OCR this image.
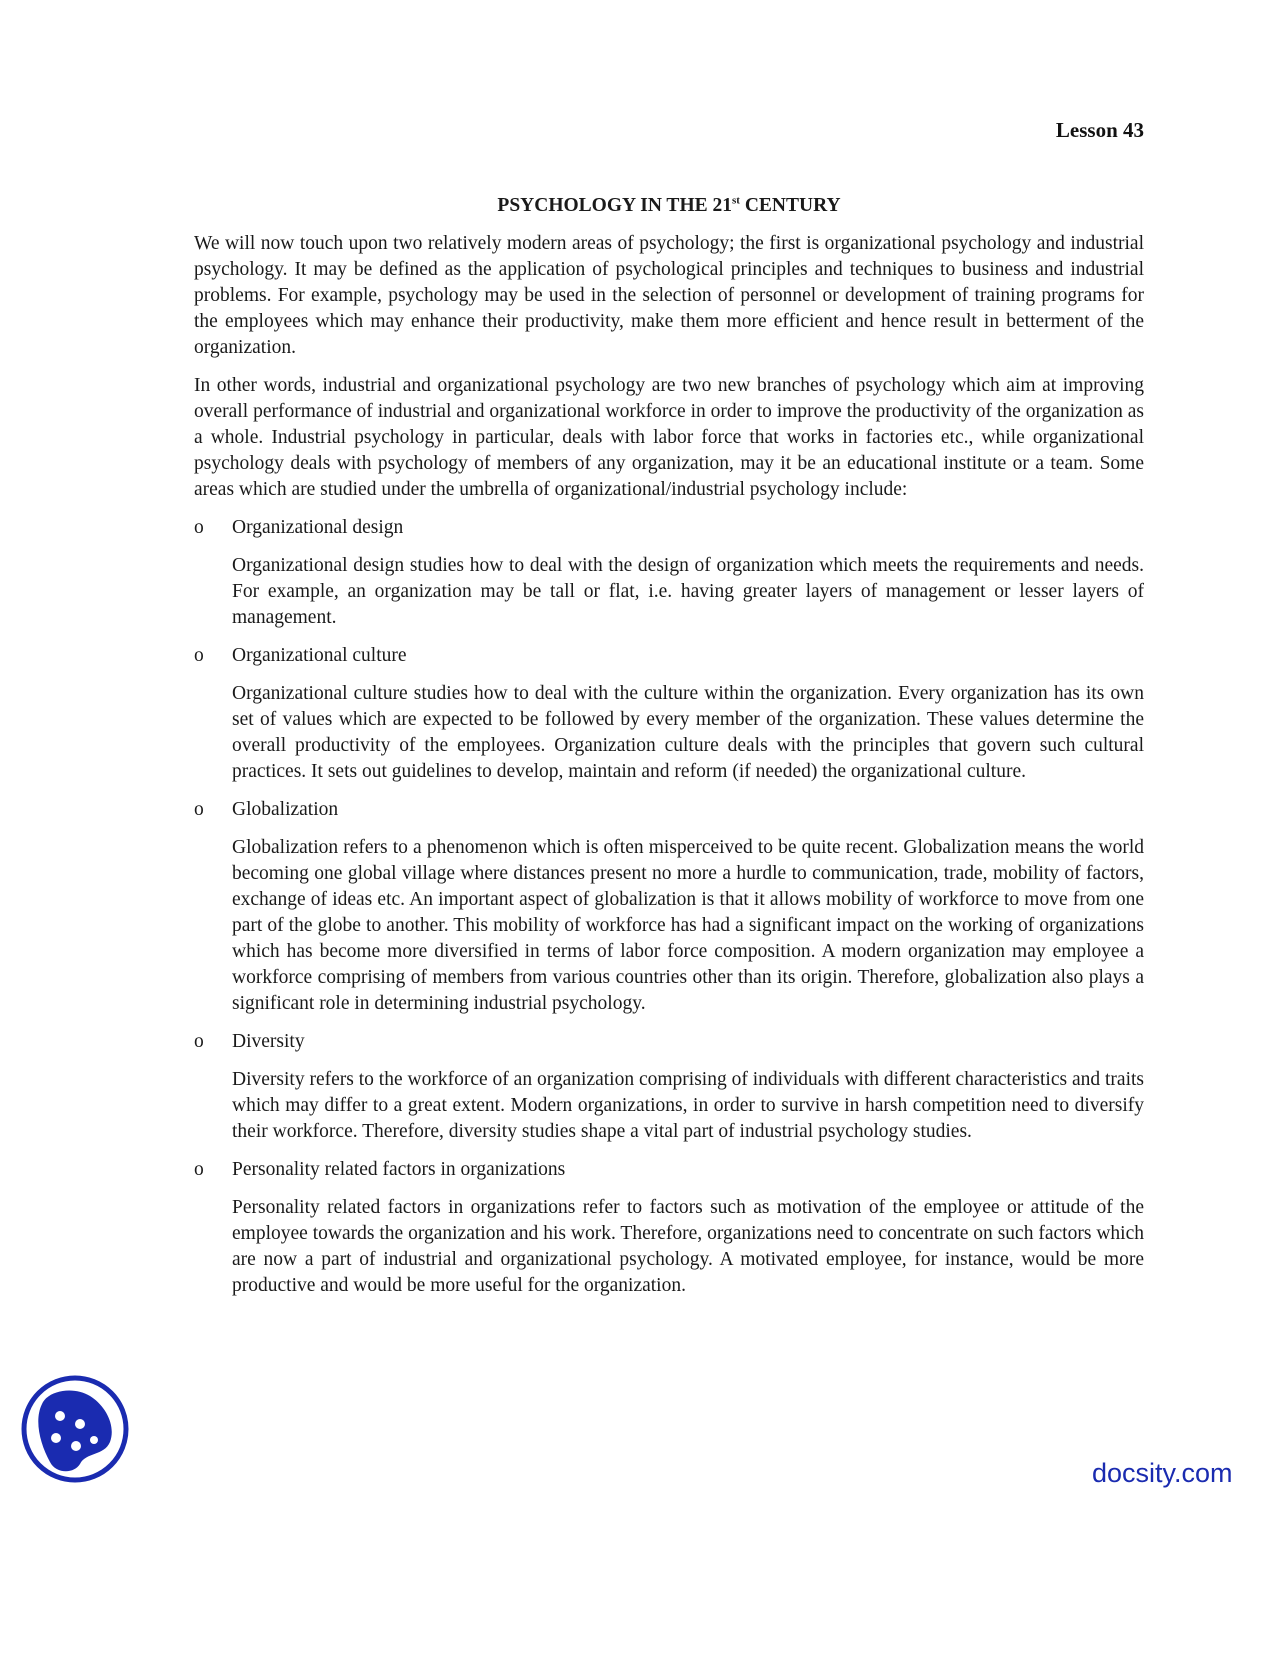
Lesson 43
PSYCHOLOGY IN THE 21st CENTURY

We will now touch upon two relatively modern areas of psychology; the first is organizational psychology and industrial psychology. It may be defined as the application of psychological principles and techniques to business and industrial problems. For example, psychology may be used in the selection of personnel or development of training programs for the employees which may enhance their productivity, make them more efficient and hence result in betterment of the organization.

In other words, industrial and organizational psychology are two new branches of psychology which aim at improving overall performance of industrial and organizational workforce in order to improve the productivity of the organization as a whole. Industrial psychology in particular, deals with labor force that works in factories etc., while organizational psychology deals with psychology of members of any organization, may it be an educational institute or a team. Some areas which are studied under the umbrella of organizational/industrial psychology include:

o	Organizational design
Organizational design studies how to deal with the design of organization which meets the requirements and needs. For example, an organization may be tall or flat, i.e. having greater layers of management or lesser layers of management.
o	Organizational culture
Organizational culture studies how to deal with the culture within the organization. Every organization has its own set of values which are expected to be followed by every member of the organization. These values determine the overall productivity of the employees. Organization culture deals with the principles that govern such cultural practices. It sets out guidelines to develop, maintain and reform (if needed) the organizational culture.
o	Globalization
Globalization refers to a phenomenon which is often misperceived to be quite recent. Globalization means the world becoming one global village where distances present no more a hurdle to communication, trade, mobility of factors, exchange of ideas etc. An important aspect of globalization is that it allows mobility of workforce to move from one part of the globe to another. This mobility of workforce has had a significant impact on the working of organizations which has become more diversified in terms of labor force composition. A modern organization may employee a workforce comprising of members from various countries other than its origin. Therefore, globalization also plays a significant role in determining industrial psychology.
o	Diversity
Diversity refers to the workforce of an organization comprising of individuals with different characteristics and traits which may differ to a great extent. Modern organizations, in order to survive in harsh competition need to diversify their workforce. Therefore, diversity studies shape a vital part of industrial psychology studies.
o	Personality related factors in organizations
Personality related factors in organizations refer to factors such as motivation of the employee or attitude of the employee towards the organization and his work. Therefore, organizations need to concentrate on such factors which are now a part of industrial and organizational psychology. A motivated employee, for instance, would be more productive and would be more useful for the organization.
docsity.com
